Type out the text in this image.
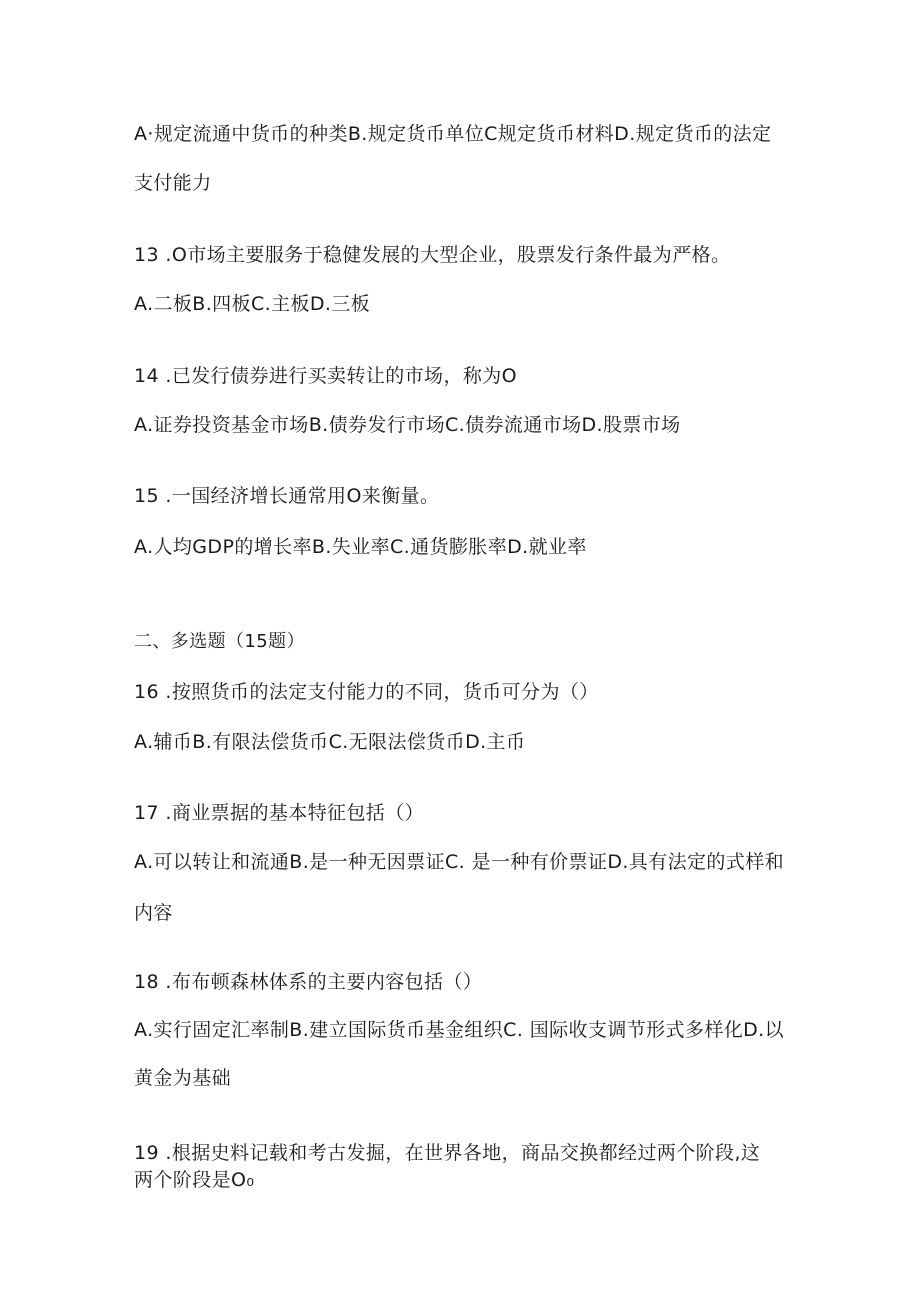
A·规定流通中货币的种类B.规定货币单位C规定货币材料D.规定货币的法定
支付能力
13 .O市场主要服务于稳健发展的大型企业，股票发行条件最为严格。
A.二板B.四板C.主板D.三板
14 .已发行债券进行买卖转让的市场，称为O
A.证券投资基金市场B.债券发行市场C.债券流通市场D.股票市场
15 .一国经济增长通常用O来衡量。
A.人均GDP的增长率B.失业率C.通货膨胀率D.就业率
二、多选题（15题）
16 .按照货币的法定支付能力的不同，货币可分为（）
A.辅币B.有限法偿货币C.无限法偿货币D.主币
17 .商业票据的基本特征包括（）
A.可以转让和流通B.是一种无因票证C. 是一种有价票证D.具有法定的式样和
内容
18 .布布顿森林体系的主要内容包括（）
A.实行固定汇率制B.建立国际货币基金组织C. 国际收支调节形式多样化D.以
黄金为基础
19 .根据史料记载和考古发掘，在世界各地，商品交换都经过两个阶段,这
两个阶段是O₀
